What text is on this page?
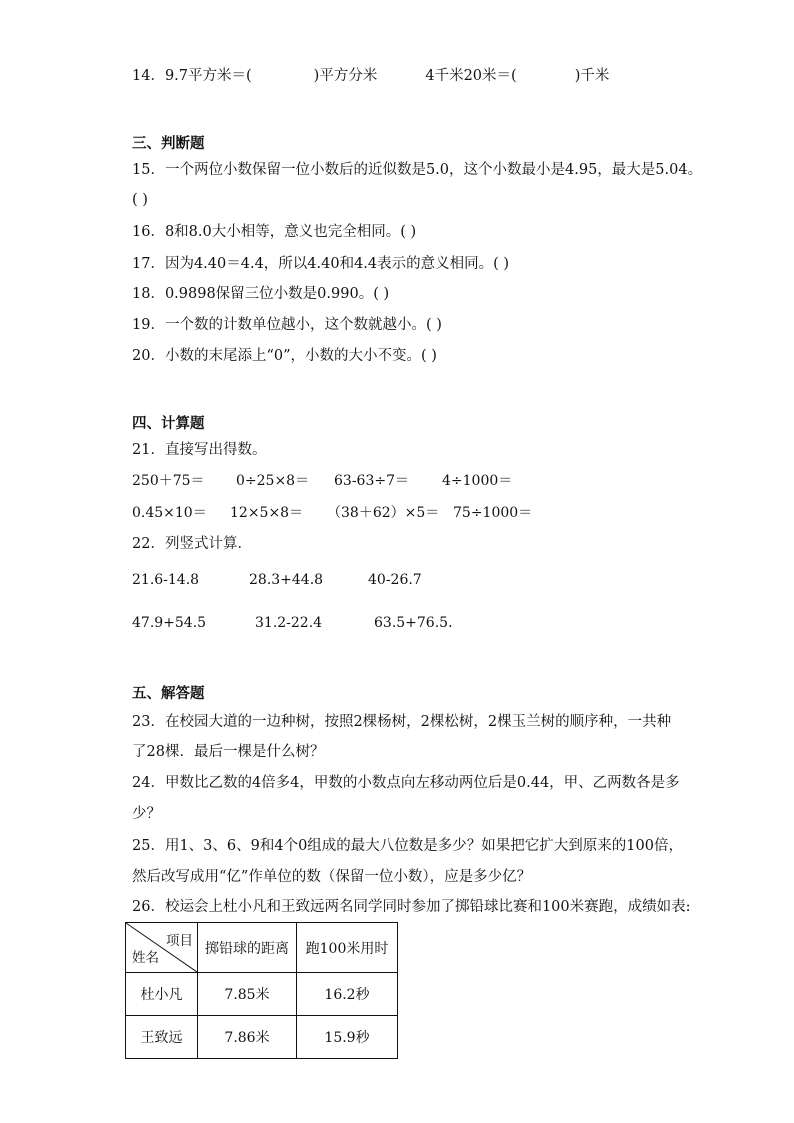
14．9.7平方米＝(	)平方分米	4千米20米＝(	)千米
三、判断题
15．一个两位小数保留一位小数后的近似数是5.0，这个小数最小是4.95，最大是5.04。
( )
16．8和8.0大小相等，意义也完全相同。( )
17．因为4.40＝4.4，所以4.40和4.4表示的意义相同。( )
18．0.9898保留三位小数是0.990。( )
19．一个数的计数单位越小，这个数就越小。( )
20．小数的末尾添上“0”，小数的大小不变。( )
四、计算题
21．直接写出得数。
250＋75＝ 0÷25×8＝ 63-63÷7＝ 4÷1000＝
0.45×10＝ 12×5×8＝ （38＋62）×5＝ 75÷1000＝
22．列竖式计算．
21.6-14.8	28.3+44.8	40-26.7
47.9+54.5	31.2-22.4	63.5+76.5．
五、解答题
23．在校园大道的一边种树，按照2棵杨树，2棵松树，2棵玉兰树的顺序种，一共种
了28棵．最后一棵是什么树？
24．甲数比乙数的4倍多4，甲数的小数点向左移动两位后是0.44，甲、乙两数各是多
少？
25．用1、3、6、9和4个0组成的最大八位数是多少？如果把它扩大到原来的100倍，
然后改写成用“亿”作单位的数（保留一位小数），应是多少亿？
26．校运会上杜小凡和王致远两名同学同时参加了掷铅球比赛和100米赛跑，成绩如表:
项目
姓名	掷铅球的距离	跑100米用时
杜小凡	7.85米	16.2秒
王致远	7.86米	15.9秒
